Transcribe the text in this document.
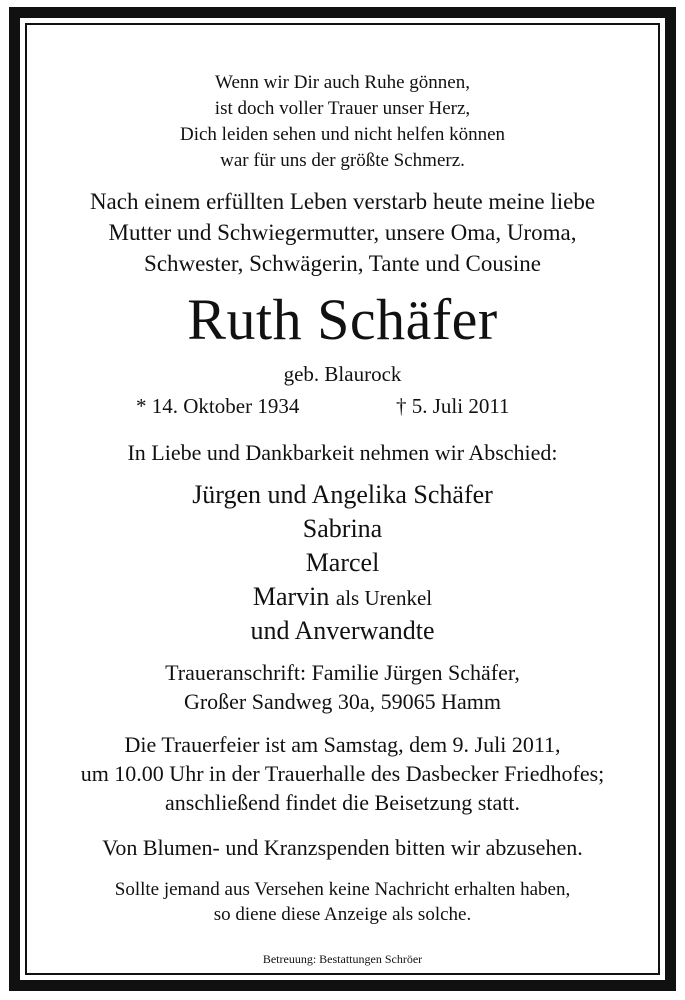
Wenn wir Dir auch Ruhe gönnen,
ist doch voller Trauer unser Herz,
Dich leiden sehen und nicht helfen können
war für uns der größte Schmerz.
Nach einem erfüllten Leben verstarb heute meine liebe
Mutter und Schwiegermutter, unsere Oma, Uroma,
Schwester, Schwägerin, Tante und Cousine
Ruth Schäfer
geb. Blaurock
* 14. Oktober 1934	† 5. Juli 2011
In Liebe und Dankbarkeit nehmen wir Abschied:
Jürgen und Angelika Schäfer
Sabrina
Marcel
Marvin als Urenkel
und Anverwandte
Traueranschrift: Familie Jürgen Schäfer,
Großer Sandweg 30a, 59065 Hamm
Die Trauerfeier ist am Samstag, dem 9. Juli 2011,
um 10.00 Uhr in der Trauerhalle des Dasbecker Friedhofes;
anschließend findet die Beisetzung statt.
Von Blumen- und Kranzspenden bitten wir abzusehen.
Sollte jemand aus Versehen keine Nachricht erhalten haben,
so diene diese Anzeige als solche.
Betreuung: Bestattungen Schröer
